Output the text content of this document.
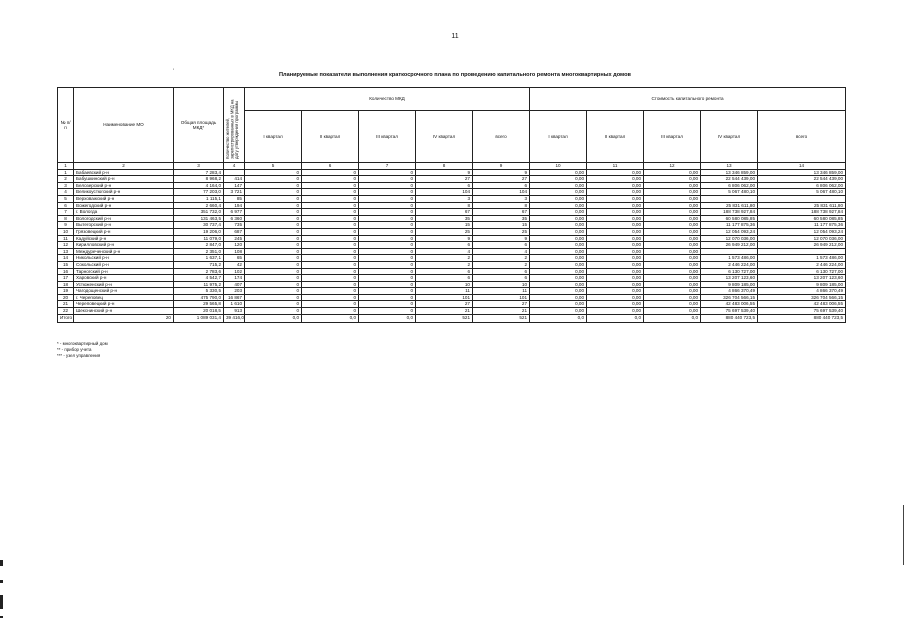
11
'	Планируемые показатели выполнения краткосрочного плана по проведению капитального ремонта многоквартирных домов
№ п/п	Наименование МО	Общая площадь МКД*	Количество жителей, зарегистрированных в МКД на дату утверждения программы	Количество МКД					Стоимость капитального ремонта				
				I квартал	II квартал	III квартал	IV квартал	всего	I квартал	II квартал	III квартал	IV квартал	всего
1	2	3	4	5	6	7	8	9	10	11	12	13	14
1	Бабаевский р-н	7 283,4		0	0	0	9	9	0,00	0,00	0,00	13 346 859,00	13 346 859,00
2	Бабушкинский р-н	8 968,2	414	0	0	0	27	27	0,00	0,00	0,00	22 544 439,00	22 544 439,00
3	Белозерский р-н	4 164,0	147	0	0	0	6	6	0,00	0,00	0,00	6 806 062,00	6 806 062,00
4	Великоустюгский р-н	77 203,0	3 721	0	0	0	104	104	0,00	0,00	0,00	5 067 480,10	5 067 480,10
5	Верховажский р-н	1 115,1	85	0	0	0	3	3	0,00	0,00	0,00		
6	Вожегодский р-н	2 660,4	194	0	0	0	8	8	0,00	0,00	0,00	25 831 611,80	25 831 611,80
7	г. Вологда	351 732,0	6 977	0	0	0	67	67	0,00	0,00	0,00	188 738 927,84	188 738 927,84
8	Вологодский р-н	131 463,5	6 360	0	0	0	35	35	0,00	0,00	0,00	60 580 085,85	60 580 085,85
9	Вытегорский р-н	30 737,4	735	0	0	0	15	15	0,00	0,00	0,00	11 177 875,36	11 177 875,36
10	Грязовецкий р-н	19 206,0	687	0	0	0	25	25	0,00	0,00	0,00	12 054 093,24	12 054 093,24
11	Кадуйский р-н	11 079,0	245	0	0	0	9	9	0,00	0,00	0,00	12 070 036,00	12 070 036,00
12	Кирилловский р-н	2 847,0	120	0	0	0	6	6	0,00	0,00	0,00	26 949 212,00	26 949 212,00
13	Междуреченский р-н	2 351,0	108	0	0	0	4	4	0,00	0,00	0,00		
14	Никольский р-н	1 637,1	65	0	0	0	2	2	0,00	0,00	0,00	1 573 486,00	1 573 486,00
15	Сокольский р-н	715,2	42	0	0	0	2	2	0,00	0,00	0,00	2 446 224,00	2 446 224,00
16	Тарногский р-н	2 783,6	102	0	0	0	6	6	0,00	0,00	0,00	6 130 727,00	6 130 727,00
17	Харовский р-н	4 542,7	174	0	0	0	6	6	0,00	0,00	0,00	13 207 123,60	13 207 123,60
18	Устюженский р-н	11 975,2	407	0	0	0	10	10	0,00	0,00	0,00	9 809 185,00	9 809 185,00
19	Чагодощенский р-н	5 330,5	203	0	0	0	11	11	0,00	0,00	0,00	4 866 370,49	4 866 370,49
20	г. Череповец	475 790,0	16 867	0	0	0	101	101	0,00	0,00	0,00	326 704 566,15	326 704 566,15
21	Череповецкий р-н	29 565,8	1 610	0	0	0	27	27	0,00	0,00	0,00	42 483 006,55	42 483 006,55
22	Шекснинский р-н	20 018,5	913	0	0	0	21	21	0,00	0,00	0,00	75 697 539,40	75 697 539,40
Итого	20	1 089 031,4	39 416,0	0,0	0,0	0,0	521	521	0,0	0,0	0,0	880 440 723,5	880 440 723,5
* - многоквартирный дом
** - прибор учета
*** - узел управления
